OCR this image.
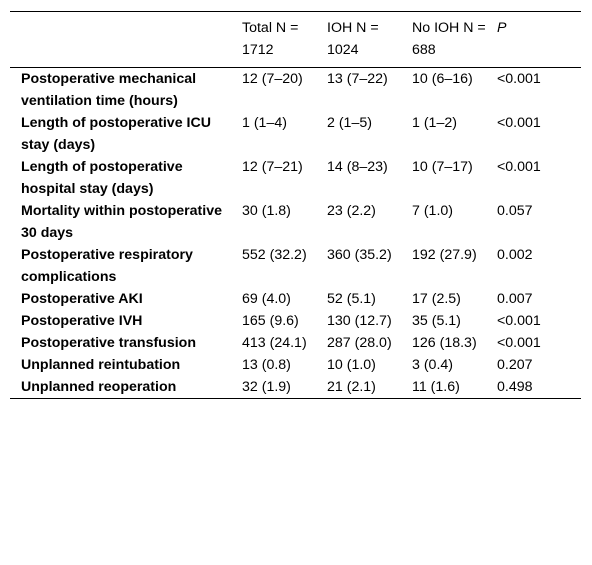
	Total N = 1712	IOH N = 1024	No IOH N = 688	P
Postoperative mechanical ventilation time (hours)	12 (7–20)	13 (7–22)	10 (6–16)	<0.001
Length of postoperative ICU stay (days)	1 (1–4)	2 (1–5)	1 (1–2)	<0.001
Length of postoperative hospital stay (days)	12 (7–21)	14 (8–23)	10 (7–17)	<0.001
Mortality within postoperative 30 days	30 (1.8)	23 (2.2)	7 (1.0)	0.057
Postoperative respiratory complications	552 (32.2)	360 (35.2)	192 (27.9)	0.002
Postoperative AKI	69 (4.0)	52 (5.1)	17 (2.5)	0.007
Postoperative IVH	165 (9.6)	130 (12.7)	35 (5.1)	<0.001
Postoperative transfusion	413 (24.1)	287 (28.0)	126 (18.3)	<0.001
Unplanned reintubation	13 (0.8)	10 (1.0)	3 (0.4)	0.207
Unplanned reoperation	32 (1.9)	21 (2.1)	11 (1.6)	0.498
